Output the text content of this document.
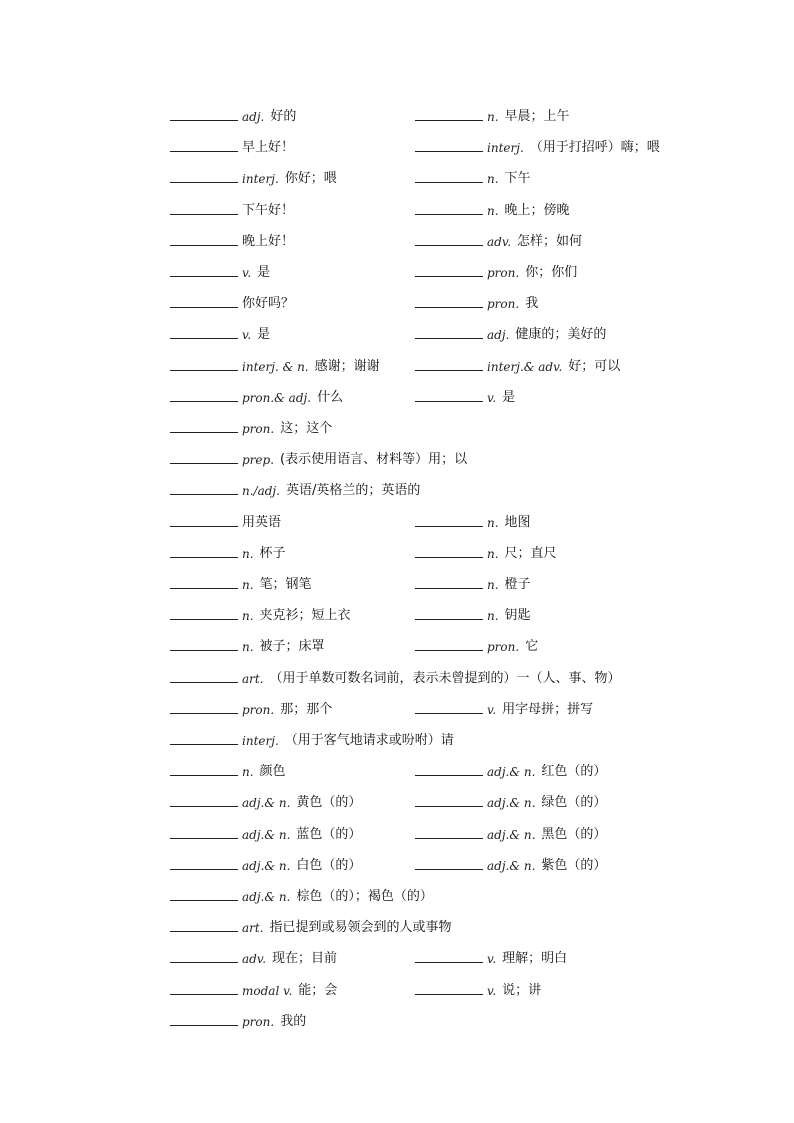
adj. 好的	n. 早晨；上午
早上好！	interj. （用于打招呼）嗨；喂
interj. 你好；喂	n. 下午
下午好！	n. 晚上；傍晚
晚上好！	adv. 怎样；如何
v. 是	pron. 你；你们
你好吗？	pron. 我
v. 是	adj. 健康的；美好的
interj. & n. 感谢；谢谢	interj.& adv. 好；可以
pron.& adj. 什么	v. 是
pron. 这；这个
prep. (表示使用语言、材料等）用；以
n./adj. 英语/英格兰的；英语的
用英语	n. 地图
n. 杯子	n. 尺；直尺
n. 笔；钢笔	n. 橙子
n. 夹克衫；短上衣	n. 钥匙
n. 被子；床罩	pron. 它
art. （用于单数可数名词前，表示未曾提到的）一（人、事、物）
pron. 那；那个	v. 用字母拼；拼写
interj. （用于客气地请求或吩咐）请
n. 颜色	adj.& n. 红色（的）
adj.& n. 黄色（的）	adj.& n. 绿色（的）
adj.& n. 蓝色（的）	adj.& n. 黑色（的）
adj.& n. 白色（的）	adj.& n. 紫色（的）
adj.& n. 棕色（的）；褐色（的）
art. 指已提到或易领会到的人或事物
adv. 现在；目前	v. 理解；明白
modal v. 能；会	v. 说；讲
pron. 我的
